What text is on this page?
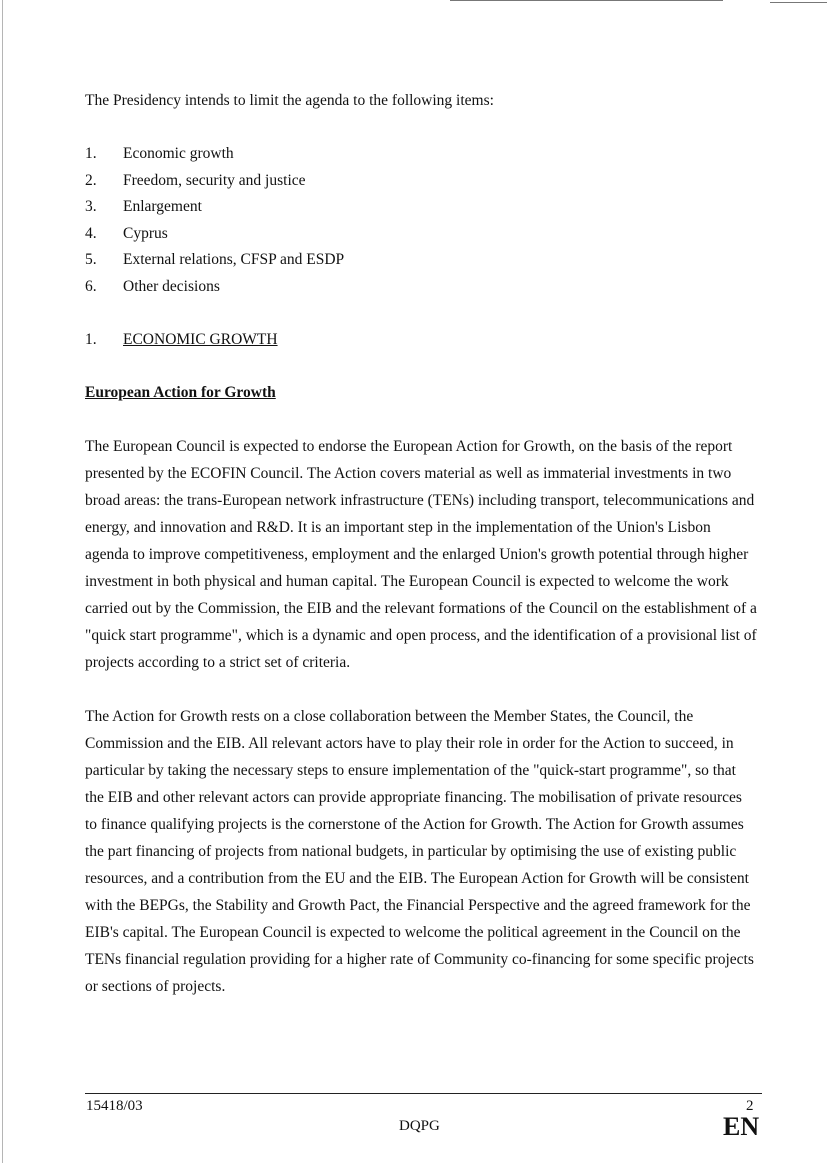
The Presidency intends to limit the agenda to the following items:

1.	Economic growth
2.	Freedom, security and justice
3.	Enlargement
4.	Cyprus
5.	External relations, CFSP and ESDP
6.	Other decisions
1.	ECONOMIC GROWTH

European Action for Growth

The European Council is expected to endorse the European Action for Growth, on the basis of the report presented by the ECOFIN Council. The Action covers material as well as immaterial investments in two broad areas: the trans-European network infrastructure (TENs) including transport, telecommunications and energy, and innovation and R&D. It is an important step in the implementation of the Union's Lisbon agenda to improve competitiveness, employment and the enlarged Union's growth potential through higher investment in both physical and human capital. The European Council is expected to welcome the work carried out by the Commission, the EIB and the relevant formations of the Council on the establishment of a "quick start programme", which is a dynamic and open process, and the identification of a provisional list of projects according to a strict set of criteria.

The Action for Growth rests on a close collaboration between the Member States, the Council, the Commission and the EIB. All relevant actors have to play their role in order for the Action to succeed, in particular by taking the necessary steps to ensure implementation of the "quick-start programme", so that the EIB and other relevant actors can provide appropriate financing. The mobilisation of private resources to finance qualifying projects is the cornerstone of the Action for Growth. The Action for Growth assumes the part financing of projects from national budgets, in particular by optimising the use of existing public resources, and a contribution from the EU and the EIB. The European Action for Growth will be consistent with the BEPGs, the Stability and Growth Pact, the Financial Perspective and the agreed framework for the EIB's capital. The European Council is expected to welcome the political agreement in the Council on the TENs financial regulation providing for a higher rate of Community co-financing for some specific projects or sections of projects.

15418/03
DQPG
2
EN
